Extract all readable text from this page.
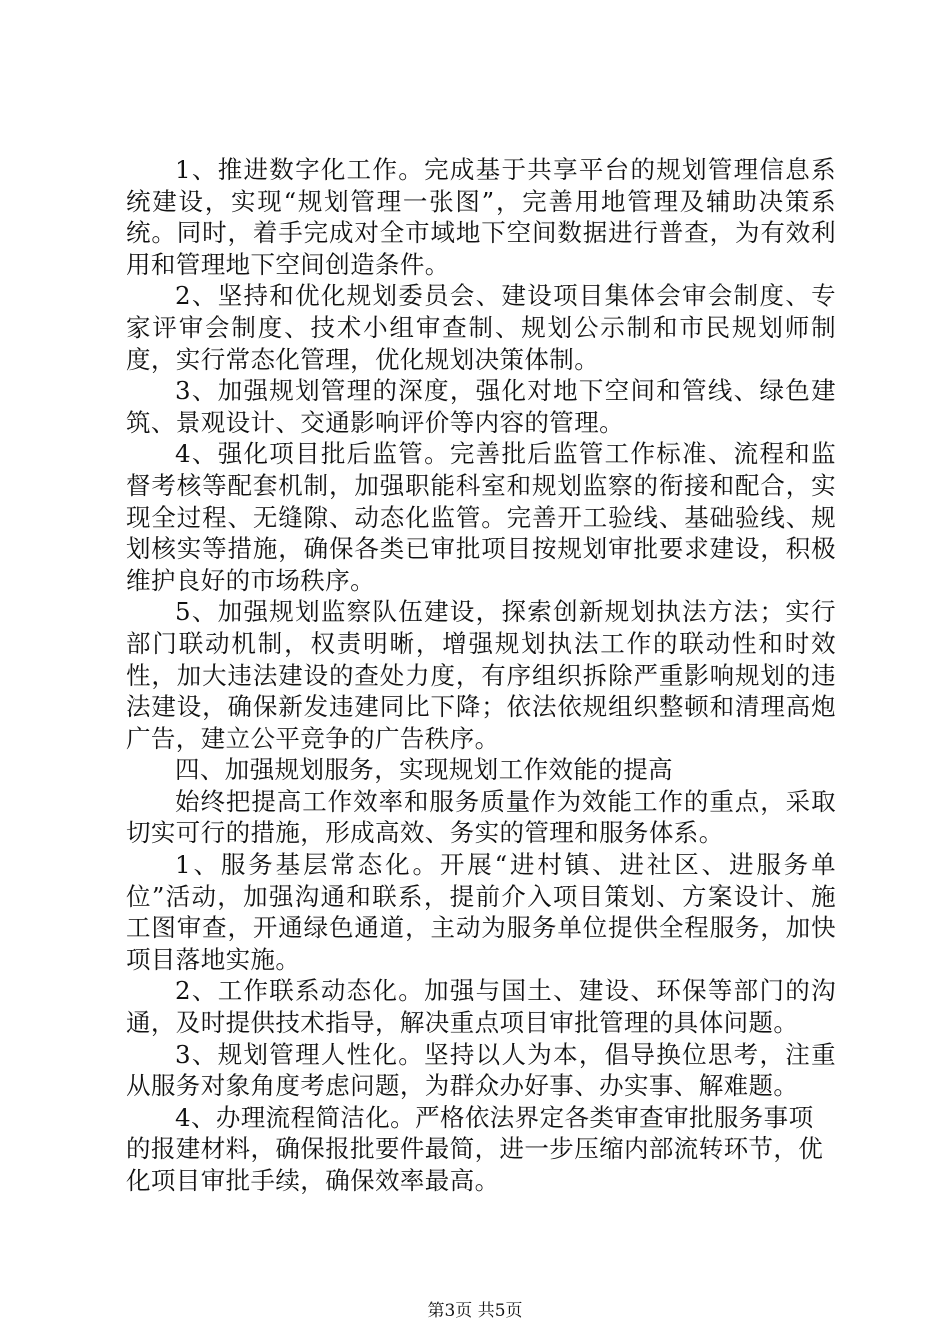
1、推进数字化工作。完成基于共享平台的规划管理信息系统建设，实现“规划管理一张图”，完善用地管理及辅助决策系统。同时，着手完成对全市域地下空间数据进行普查，为有效利用和管理地下空间创造条件。

2、坚持和优化规划委员会、建设项目集体会审会制度、专家评审会制度、技术小组审查制、规划公示制和市民规划师制度，实行常态化管理，优化规划决策体制。

3、加强规划管理的深度，强化对地下空间和管线、绿色建筑、景观设计、交通影响评价等内容的管理。

4、强化项目批后监管。完善批后监管工作标准、流程和监督考核等配套机制，加强职能科室和规划监察的衔接和配合，实现全过程、无缝隙、动态化监管。完善开工验线、基础验线、规划核实等措施，确保各类已审批项目按规划审批要求建设，积极维护良好的市场秩序。

5、加强规划监察队伍建设，探索创新规划执法方法；实行部门联动机制，权责明晰，增强规划执法工作的联动性和时效性，加大违法建设的查处力度，有序组织拆除严重影响规划的违法建设，确保新发违建同比下降；依法依规组织整顿和清理高炮广告，建立公平竞争的广告秩序。

四、加强规划服务，实现规划工作效能的提高

始终把提高工作效率和服务质量作为效能工作的重点，采取切实可行的措施，形成高效、务实的管理和服务体系。

1、服务基层常态化。开展“进村镇、进社区、进服务单位”活动，加强沟通和联系，提前介入项目策划、方案设计、施工图审查，开通绿色通道，主动为服务单位提供全程服务，加快项目落地实施。

2、工作联系动态化。加强与国土、建设、环保等部门的沟通，及时提供技术指导，解决重点项目审批管理的具体问题。

3、规划管理人性化。坚持以人为本，倡导换位思考，注重从服务对象角度考虑问题，为群众办好事、办实事、解难题。

4、办理流程简洁化。严格依法界定各类审查审批服务事项的报建材料，确保报批要件最简，进一步压缩内部流转环节，优化项目审批手续，确保效率最高。

第3页 共5页
